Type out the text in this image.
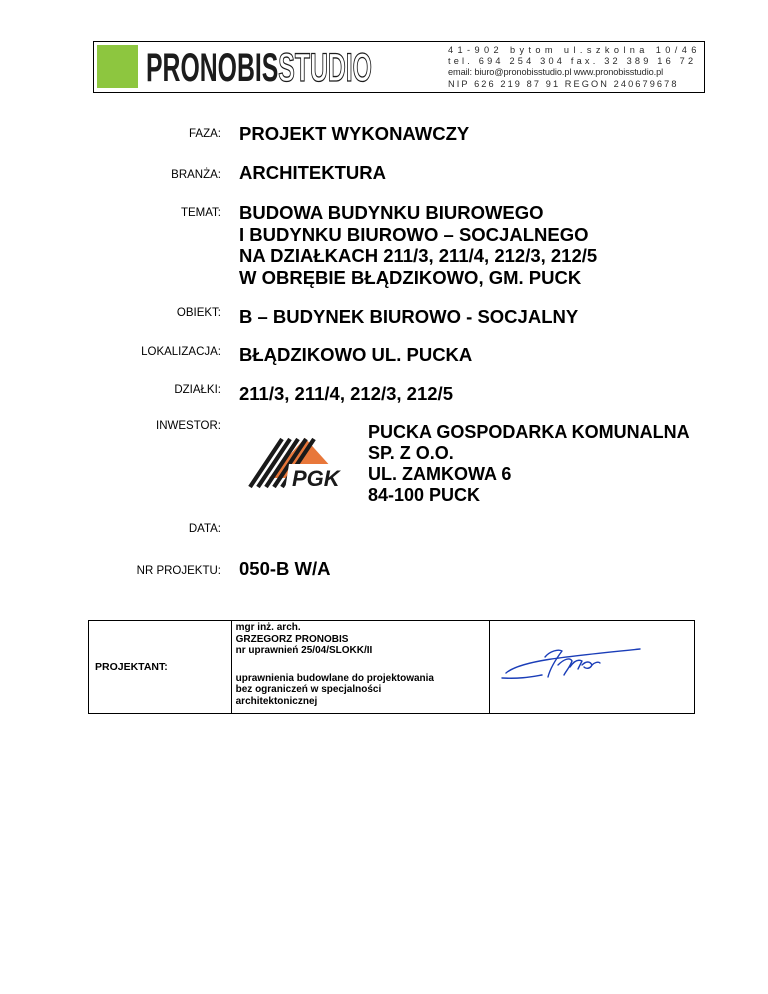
PRONOBISSTUDIO	41-902 bytom ul.szkolna 10/46
tel. 694 254 304 fax. 32 389 16 72
email: biuro@pronobisstudio.pl www.pronobisstudio.pl
NIP 626 219 87 91 REGON 240679678
FAZA: PROJEKT WYKONAWCZY
BRANŻA: ARCHITEKTURA
TEMAT: BUDOWA BUDYNKU BIUROWEGO
I BUDYNKU BIUROWO – SOCJALNEGO
NA DZIAŁKACH 211/3, 211/4, 212/3, 212/5
W OBRĘBIE BŁĄDZIKOWO, GM. PUCK
OBIEKT: B – BUDYNEK BIUROWO - SOCJALNY
LOKALIZACJA: BŁĄDZIKOWO UL. PUCKA
DZIAŁKI: 211/3, 211/4, 212/3, 212/5
INWESTOR:
PGK
PUCKA GOSPODARKA KOMUNALNA
SP. Z O.O.
UL. ZAMKOWA 6
84-100 PUCK
DATA:
NR PROJEKTU: 050-B W/A
PROJEKTANT:	
mgr inż. arch.
GRZEGORZ PRONOBIS
nr uprawnień 25/04/SLOKK/II
uprawnienia budowlane do projektowania
bez ograniczeń w specjalności
architektonicznej
